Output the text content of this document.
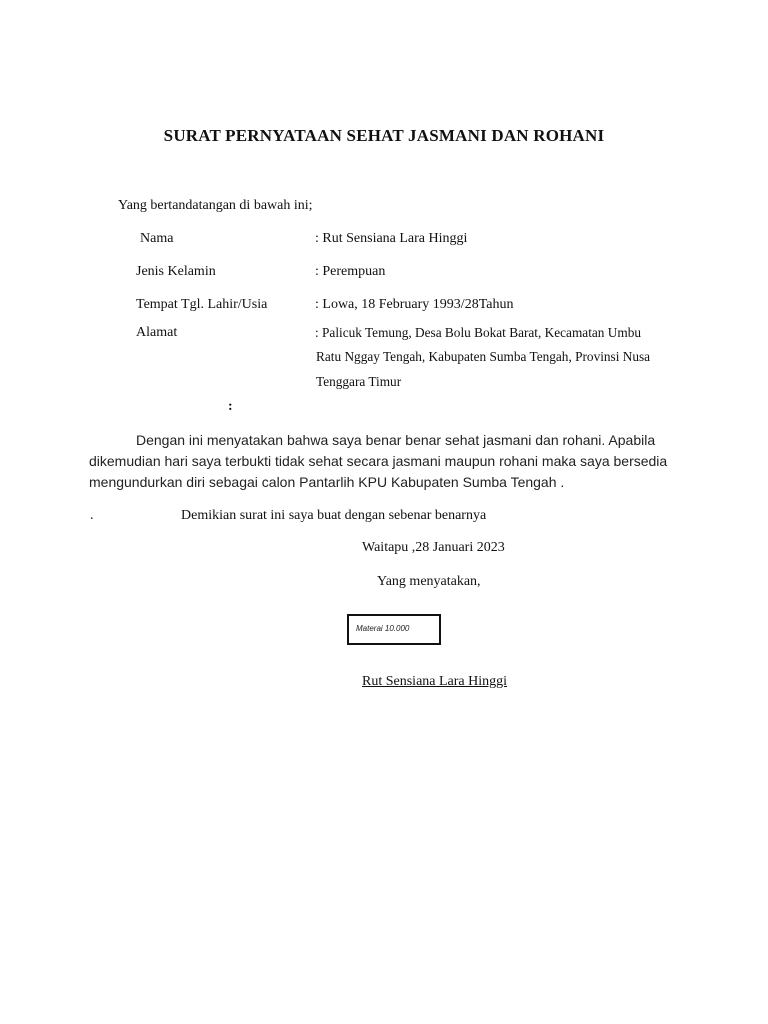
SURAT PERNYATAAN SEHAT JASMANI DAN ROHANI
Yang bertandatangan di bawah ini;
Nama	: Rut Sensiana Lara Hinggi
Jenis Kelamin	: Perempuan
Tempat Tgl. Lahir/Usia	: Lowa, 18 February 1993/28Tahun
Alamat	: Palicuk Temung, Desa Bolu Bokat Barat, Kecamatan Umbu
Ratu Nggay Tengah, Kabupaten Sumba Tengah, Provinsi Nusa
Tenggara Timur
:
Dengan ini menyatakan bahwa saya benar benar sehat jasmani dan rohani. Apabila dikemudian hari saya terbukti tidak sehat secara jasmani maupun rohani maka saya bersedia mengundurkan diri sebagai calon Pantarlih KPU Kabupaten Sumba Tengah .
.	Demikian surat ini saya buat dengan sebenar benarnya
Waitapu ,28 Januari 2023
Yang menyatakan,
Materai 10.000
Rut Sensiana Lara Hinggi
